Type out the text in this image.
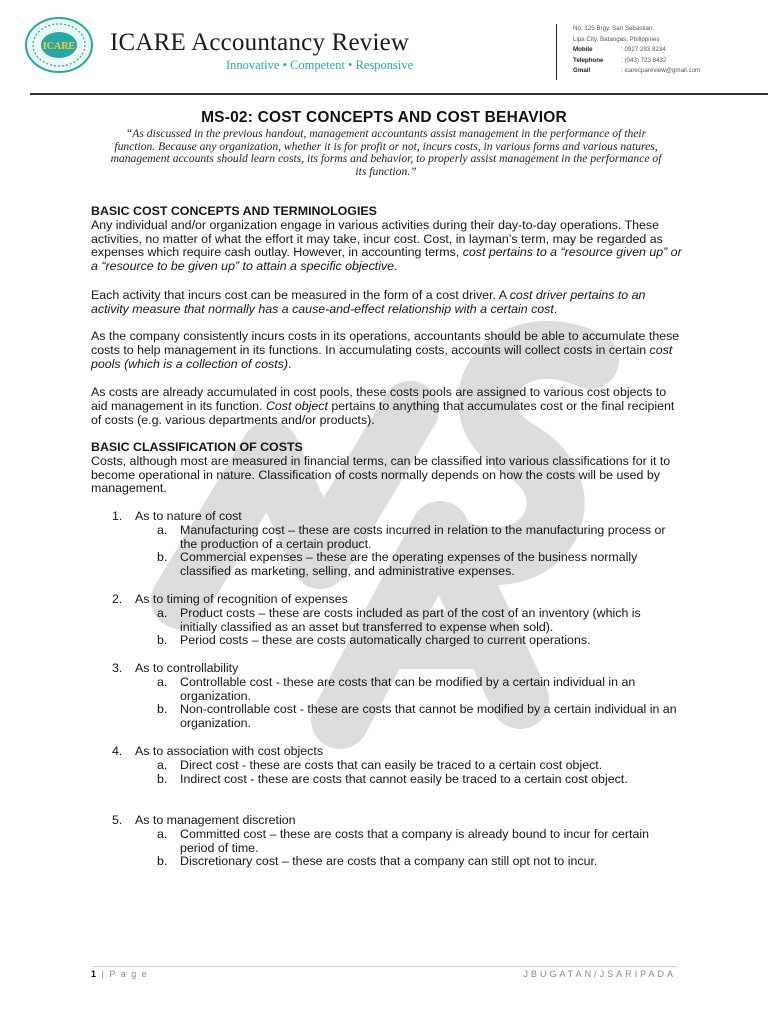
ICARE ICARE Accountancy Review
Innovative • Competent • Responsive
No. 125 Brgy. San Sebastian,
Lipa City, Batangas, Philippines
Mobile	: 0927 283 8234
Telephone	: (043) 723 8432
Gmail	: icarecpareview@gmail.com
MS-02: COST CONCEPTS AND COST BEHAVIOR
“As discussed in the previous handout, management accountants assist management in the performance of their function. Because any organization, whether it is for profit or not, incurs costs, in various forms and various natures, management accounts should learn costs, its forms and behavior, to properly assist management in the performance of its function.”
BASIC COST CONCEPTS AND TERMINOLOGIES

Any individual and/or organization engage in various activities during their day-to-day operations. These activities, no matter of what the effort it may take, incur cost. Cost, in layman’s term, may be regarded as expenses which require cash outlay. However, in accounting terms, cost pertains to a “resource given up” or a “resource to be given up” to attain a specific objective.

Each activity that incurs cost can be measured in the form of a cost driver. A cost driver pertains to an activity measure that normally has a cause-and-effect relationship with a certain cost.

As the company consistently incurs costs in its operations, accountants should be able to accumulate these costs to help management in its functions. In accumulating costs, accounts will collect costs in certain cost pools (which is a collection of costs).

As costs are already accumulated in cost pools, these costs pools are assigned to various cost objects to aid management in its function. Cost object pertains to anything that accumulates cost or the final recipient of costs (e.g. various departments and/or products).

BASIC CLASSIFICATION OF COSTS

Costs, although most are measured in financial terms, can be classified into various classifications for it to become operational in nature. Classification of costs normally depends on how the costs will be used by management.

1. As to nature of cost
a. Manufacturing cost – these are costs incurred in relation to the manufacturing process or the production of a certain product.
b. Commercial expenses – these are the operating expenses of the business normally classified as marketing, selling, and administrative expenses.
2. As to timing of recognition of expenses
a. Product costs – these are costs included as part of the cost of an inventory (which is initially classified as an asset but transferred to expense when sold).
b. Period costs – these are costs automatically charged to current operations.
3. As to controllability
a. Controllable cost - these are costs that can be modified by a certain individual in an organization.
b. Non-controllable cost - these are costs that cannot be modified by a certain individual in an organization.
4. As to association with cost objects
a. Direct cost - these are costs that can easily be traced to a certain cost object.
b. Indirect cost - these are costs that cannot easily be traced to a certain cost object.
5. As to management discretion
a. Committed cost – these are costs that a company is already bound to incur for certain period of time.
b. Discretionary cost – these are costs that a company can still opt not to incur.
1 | P a g e	JBUGATAN/JSARIPADA
